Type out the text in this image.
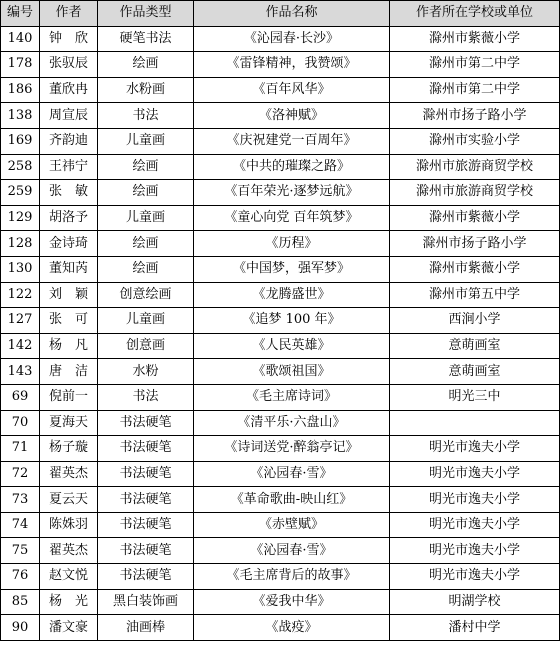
编号	作者	作品类型	作品名称	作者所在学校或单位
140	钟　欣	硬笔书法	《沁园春·长沙》	滁州市紫薇小学
178	张驭辰	绘画	《雷锋精神，我赞颂》	滁州市第二中学
186	董欣冉	水粉画	《百年风华》	滁州市第二中学
138	周宣辰	书法	《洛神赋》	滁州市扬子路小学
169	齐韵迪	儿童画	《庆祝建党一百周年》	滁州市实验小学
258	王祎宁	绘画	《中共的璀璨之路》	滁州市旅游商贸学校
259	张　敏	绘画	《百年荣光·逐梦远航》	滁州市旅游商贸学校
129	胡洛予	儿童画	《童心向党 百年筑梦》	滁州市紫薇小学
128	金诗琦	绘画	《历程》	滁州市扬子路小学
130	董知芮	绘画	《中国梦，强军梦》	滁州市紫薇小学
122	刘　颖	创意绘画	《龙腾盛世》	滁州市第五中学
127	张　可	儿童画	《追梦 100 年》	西涧小学
142	杨　凡	创意画	《人民英雄》	意萌画室
143	唐　洁	水粉	《歌颂祖国》	意萌画室
69	倪前一	书法	《毛主席诗词》	明光三中
70	夏海天	书法硬笔	《清平乐·六盘山》	
71	杨子璇	书法硬笔	《诗词送党·醉翁亭记》	明光市逸夫小学
72	翟英杰	书法硬笔	《沁园春·雪》	明光市逸夫小学
73	夏云天	书法硬笔	《革命歌曲-映山红》	明光市逸夫小学
74	陈姝羽	书法硬笔	《赤壁赋》	明光市逸夫小学
75	翟英杰	书法硬笔	《沁园春·雪》	明光市逸夫小学
76	赵文悦	书法硬笔	《毛主席背后的故事》	明光市逸夫小学
85	杨　光	黑白装饰画	《爱我中华》	明湖学校
90	潘文豪	油画棒	《战疫》	潘村中学
